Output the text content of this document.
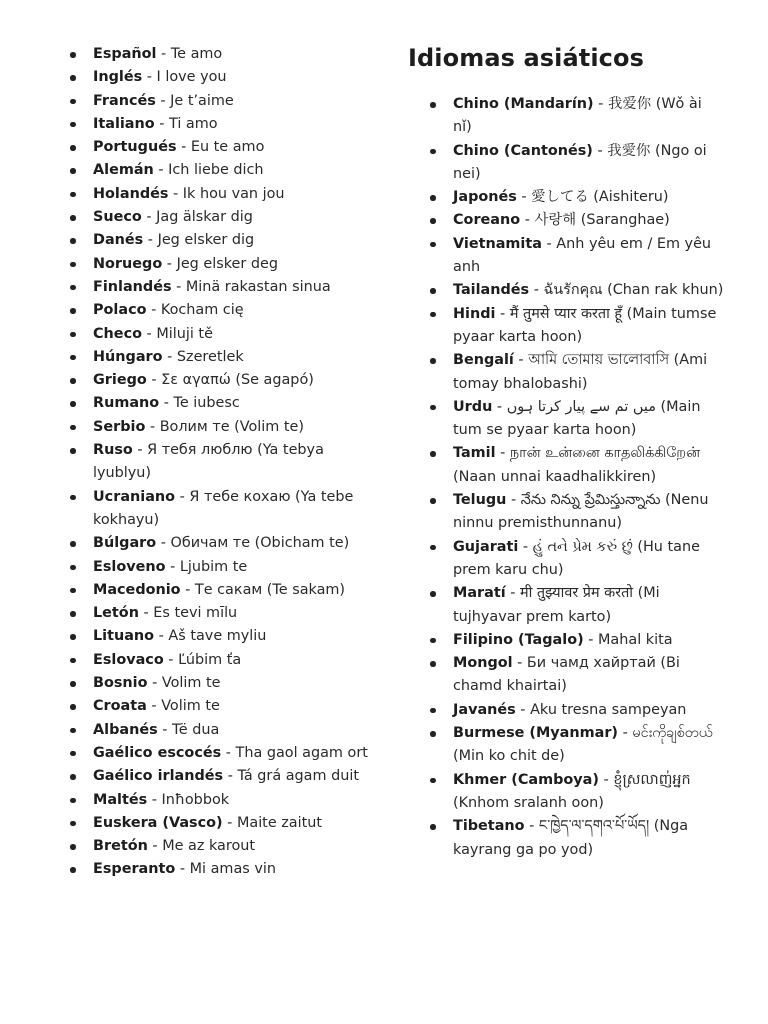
Español - Te amo
Inglés - I love you
Francés - Je t’aime
Italiano - Ti amo
Portugués - Eu te amo
Alemán - Ich liebe dich
Holandés - Ik hou van jou
Sueco - Jag älskar dig
Danés - Jeg elsker dig
Noruego - Jeg elsker deg
Finlandés - Minä rakastan sinua
Polaco - Kocham cię
Checo - Miluji tě
Húngaro - Szeretlek
Griego - Σε αγαπώ (Se agapó)
Rumano - Te iubesc
Serbio - Волим те (Volim te)
Ruso - Я тебя люблю (Ya tebya lyublyu)
Ucraniano - Я тебе кохаю (Ya tebe kokhayu)
Búlgaro - Обичам те (Obicham te)
Esloveno - Ljubim te
Macedonio - Те сакам (Te sakam)
Letón - Es tevi mīlu
Lituano - Aš tave myliu
Eslovaco - Ľúbim ťa
Bosnio - Volim te
Croata - Volim te
Albanés - Të dua
Gaélico escocés - Tha gaol agam ort
Gaélico irlandés - Tá grá agam duit
Maltés - Inħobbok
Euskera (Vasco) - Maite zaitut
Bretón - Me az karout
Esperanto - Mi amas vin
Idiomas asiáticos
Chino (Mandarín) - 我爱你 (Wǒ ài nǐ)
Chino (Cantonés) - 我愛你 (Ngo oi nei)
Japonés - 愛してる (Aishiteru)
Coreano - 사랑해 (Saranghae)
Vietnamita - Anh yêu em / Em yêu anh
Tailandés - ฉันรักคุณ (Chan rak khun)
Hindi - मैं तुमसे प्यार करता हूँ (Main tumse pyaar karta hoon)
Bengalí - আমি তোমায় ভালোবাসি (Ami tomay bhalobashi)
Urdu - میں تم سے پیار کرتا ہوں (Main tum se pyaar karta hoon)
Tamil - நான் உன்னை காதலிக்கிறேன் (Naan unnai kaadhalikkiren)
Telugu - నేను నిన్ను ప్రేమిస్తున్నాను (Nenu ninnu premisthunnanu)
Gujarati - હું તને પ્રેમ કરું છું (Hu tane prem karu chu)
Maratí - मी तुझ्यावर प्रेम करतो (Mi tujhyavar prem karto)
Filipino (Tagalo) - Mahal kita
Mongol - Би чамд хайртай (Bi chamd khairtai)
Javanés - Aku tresna sampeyan
Burmese (Myanmar) - မင်းကိုချစ်တယ် (Min ko chit de)
Khmer (Camboya) - ខ្ញុំស្រលាញ់អ្នក (Knhom sralanh oon)
Tibetano - ང་ཁྱེད་ལ་དགའ་པོ་ཡོད། (Nga kayrang ga po yod)
